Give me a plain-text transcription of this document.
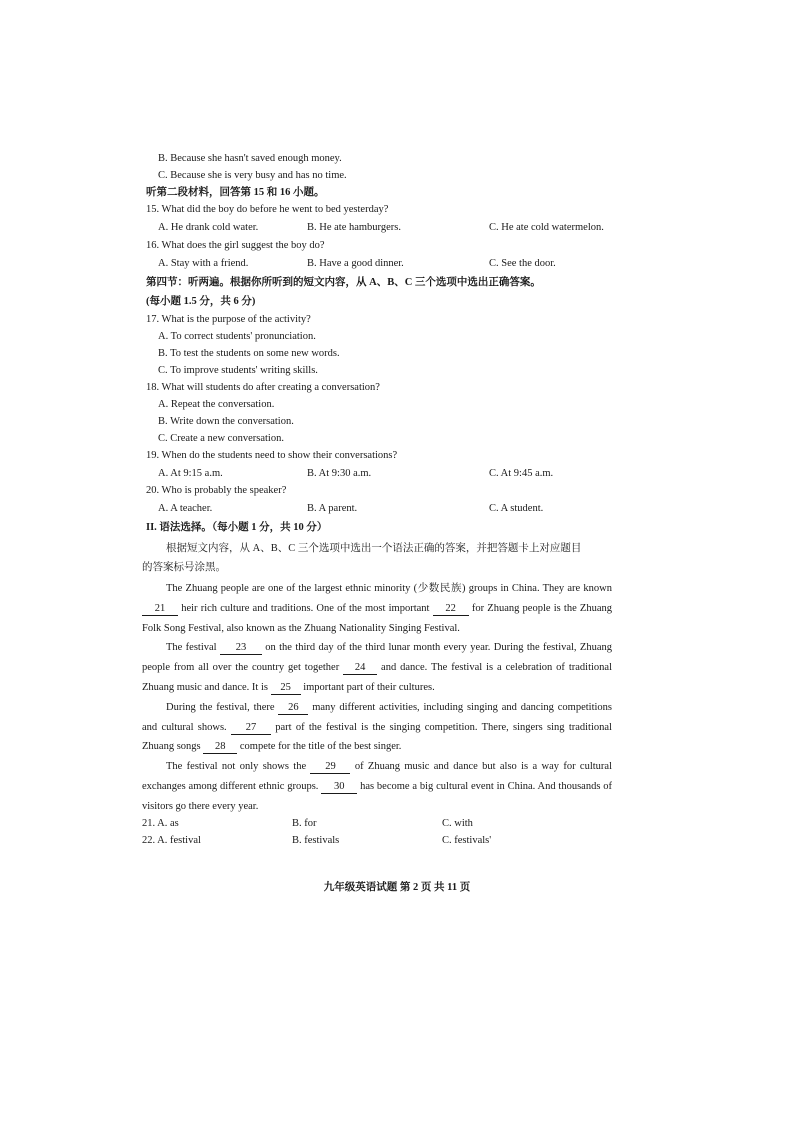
B. Because she hasn't saved enough money.
C. Because she is very busy and has no time.
听第二段材料，回答第 15 和 16 小题。
15. What did the boy do before he went to bed yesterday?
A. He drank cold water.	B. He ate hamburgers.	C. He ate cold watermelon.
16. What does the girl suggest the boy do?
A. Stay with a friend.	B. Have a good dinner.	C. See the door.
第四节：听两遍。根据你所听到的短文内容，从 A、B、C 三个选项中选出正确答案。
(每小题 1.5 分，共 6 分)
17. What is the purpose of the activity?
A. To correct students' pronunciation.
B. To test the students on some new words.
C. To improve students' writing skills.
18. What will students do after creating a conversation?
A. Repeat the conversation.
B. Write down the conversation.
C. Create a new conversation.
19. When do the students need to show their conversations?
A. At 9:15 a.m.	B. At 9:30 a.m.	C. At 9:45 a.m.
20. Who is probably the speaker?
A. A teacher.	B. A parent.	C. A student.
II. 语法选择。（每小题 1 分，共 10 分）
根据短文内容，从 A、B、C 三个选项中选出一个语法正确的答案，并把答题卡上对应题目
的答案标号涂黑。

The Zhuang people are one of the largest ethnic minority (少数民族) groups in China. They are known 21 heir rich culture and traditions. One of the most important 22 for Zhuang people is the Zhuang Folk Song Festival, also known as the Zhuang Nationality Singing Festival.

The festival 23 on the third day of the third lunar month every year. During the festival, Zhuang people from all over the country get together 24 and dance. The festival is a celebration of traditional Zhuang music and dance. It is 25 important part of their cultures.

During the festival, there 26 many different activities, including singing and dancing competitions and cultural shows. 27 part of the festival is the singing competition. There, singers sing traditional Zhuang songs 28 compete for the title of the best singer.

The festival not only shows the 29 of Zhuang music and dance but also is a way for cultural exchanges among different ethnic groups. 30 has become a big cultural event in China. And thousands of visitors go there every year.

21. A. as	B. for	C. with
22. A. festival	B. festivals	C. festivals'
九年级英语试题 第 2 页 共 11 页
